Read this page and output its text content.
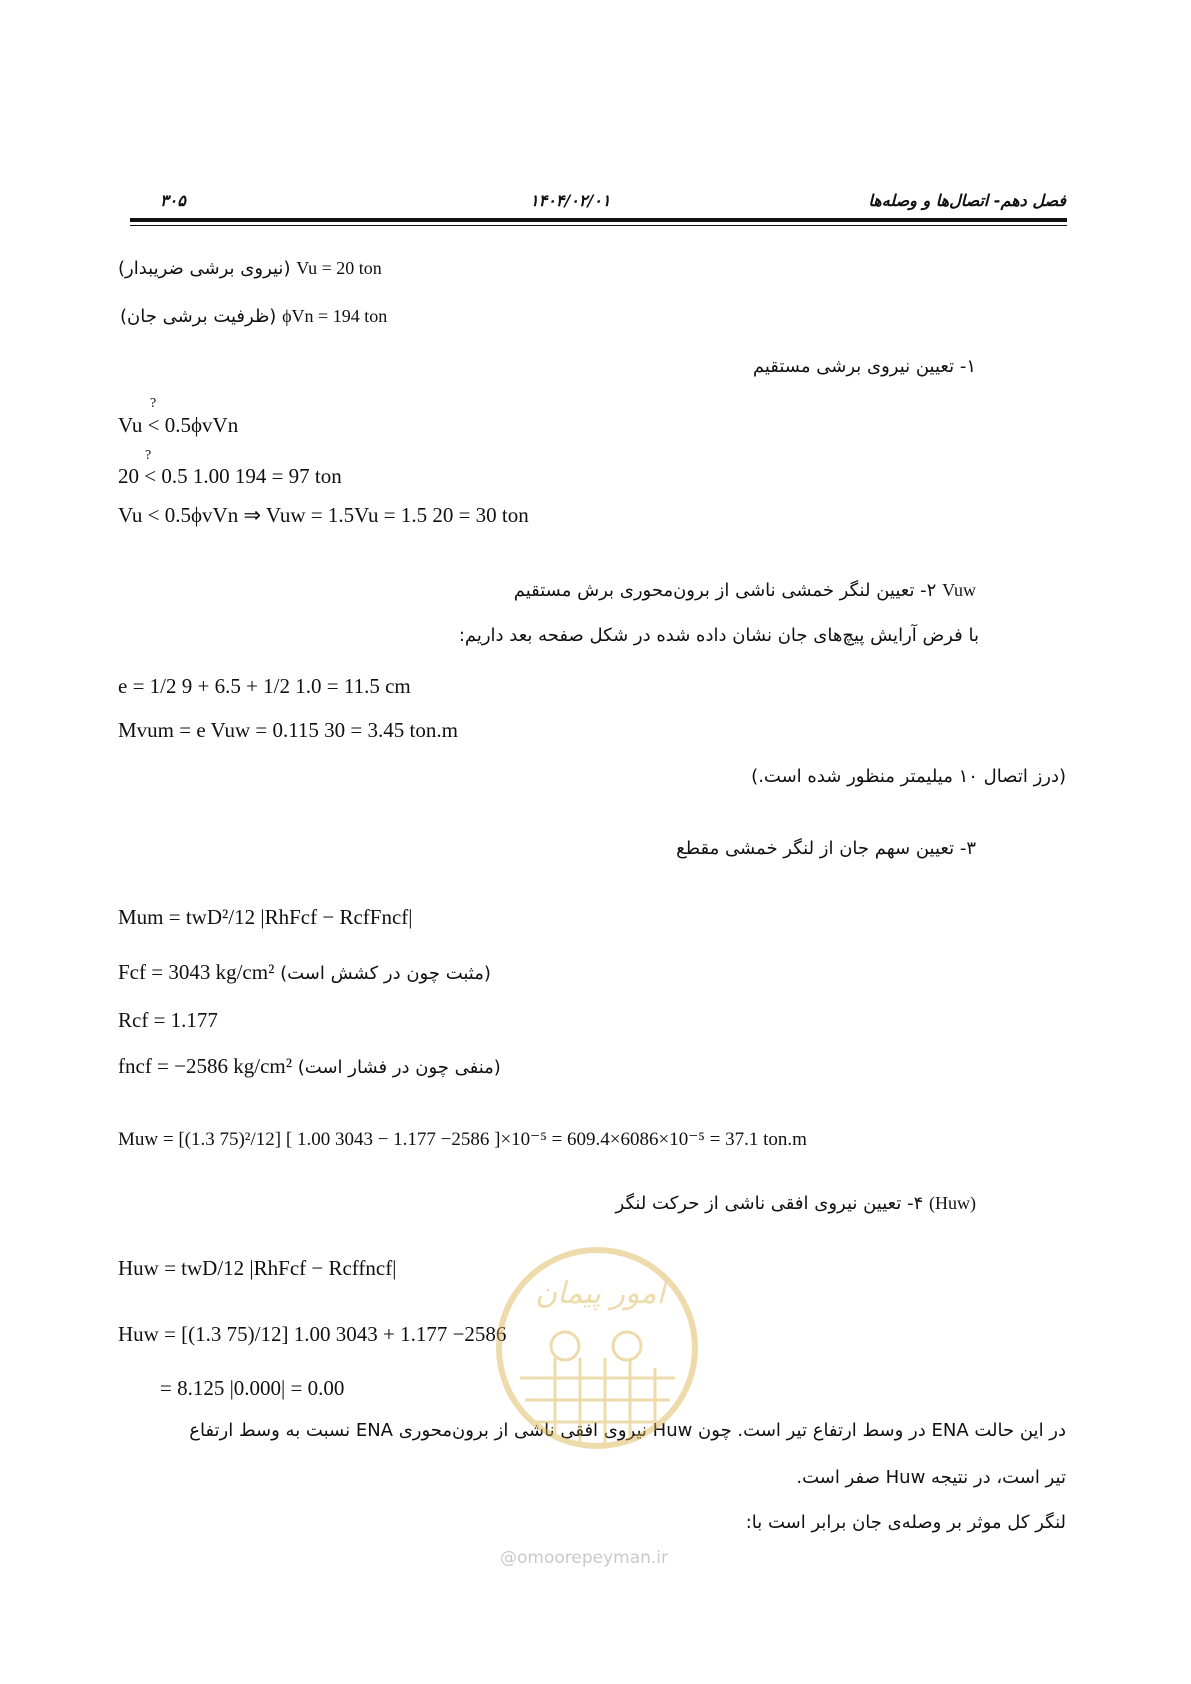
۳۰۵	۱۴۰۴/۰۲/۰۱	فصل دهم- اتصال‌ها و وصله‌ها
(نیروی برشی ضریبدار) Vu = 20 ton
(ظرفیت برشی جان) ϕVn = 194 ton
۱- تعیین نیروی برشی مستقیم
?
Vu < 0.5ϕvVn
?
20 < 0.5 1.00 194 = 97 ton
Vu < 0.5ϕvVn ⇒ Vuw = 1.5Vu = 1.5 20 = 30 ton
۲- تعیین لنگر خمشی ناشی از برون‌محوری برش مستقیم Vuw
با فرض آرایش پیچ‌های جان نشان داده شده در شکل صفحه بعد داریم:
e = 1/2 9 + 6.5 + 1/2 1.0 = 11.5 cm
Mvum = e Vuw = 0.115 30 = 3.45 ton.m
(درز اتصال ۱۰ میلیمتر منظور شده است.)
۳- تعیین سهم جان از لنگر خمشی مقطع
Mum = twD²/12 |RhFcf − RcfFncf|
Fcf = 3043 kg/cm² (مثبت چون در کشش است)
Rcf = 1.177
fncf = −2586 kg/cm² (منفی چون در فشار است)
Muw = [(1.3 75)²/12] [ 1.00 3043 − 1.177 −2586 ]×10⁻⁵ = 609.4×6086×10⁻⁵ = 37.1 ton.m
۴- تعیین نیروی افقی ناشی از حرکت لنگر (Huw)
Huw = twD/12 |RhFcf − Rcffncf|
Huw = [(1.3 75)/12] 1.00 3043 + 1.177 −2586
= 8.125 |0.000| = 0.00
در این حالت ENA در وسط ارتفاع تیر است. چون Huw نیروی افقی ناشی از برون‌محوری ENA نسبت به وسط ارتفاع
تیر است، در نتیجه Huw صفر است.
لنگر کل موثر بر وصله‌ی جان برابر است با:
امور پیمان
@omoorepeyman.ir
